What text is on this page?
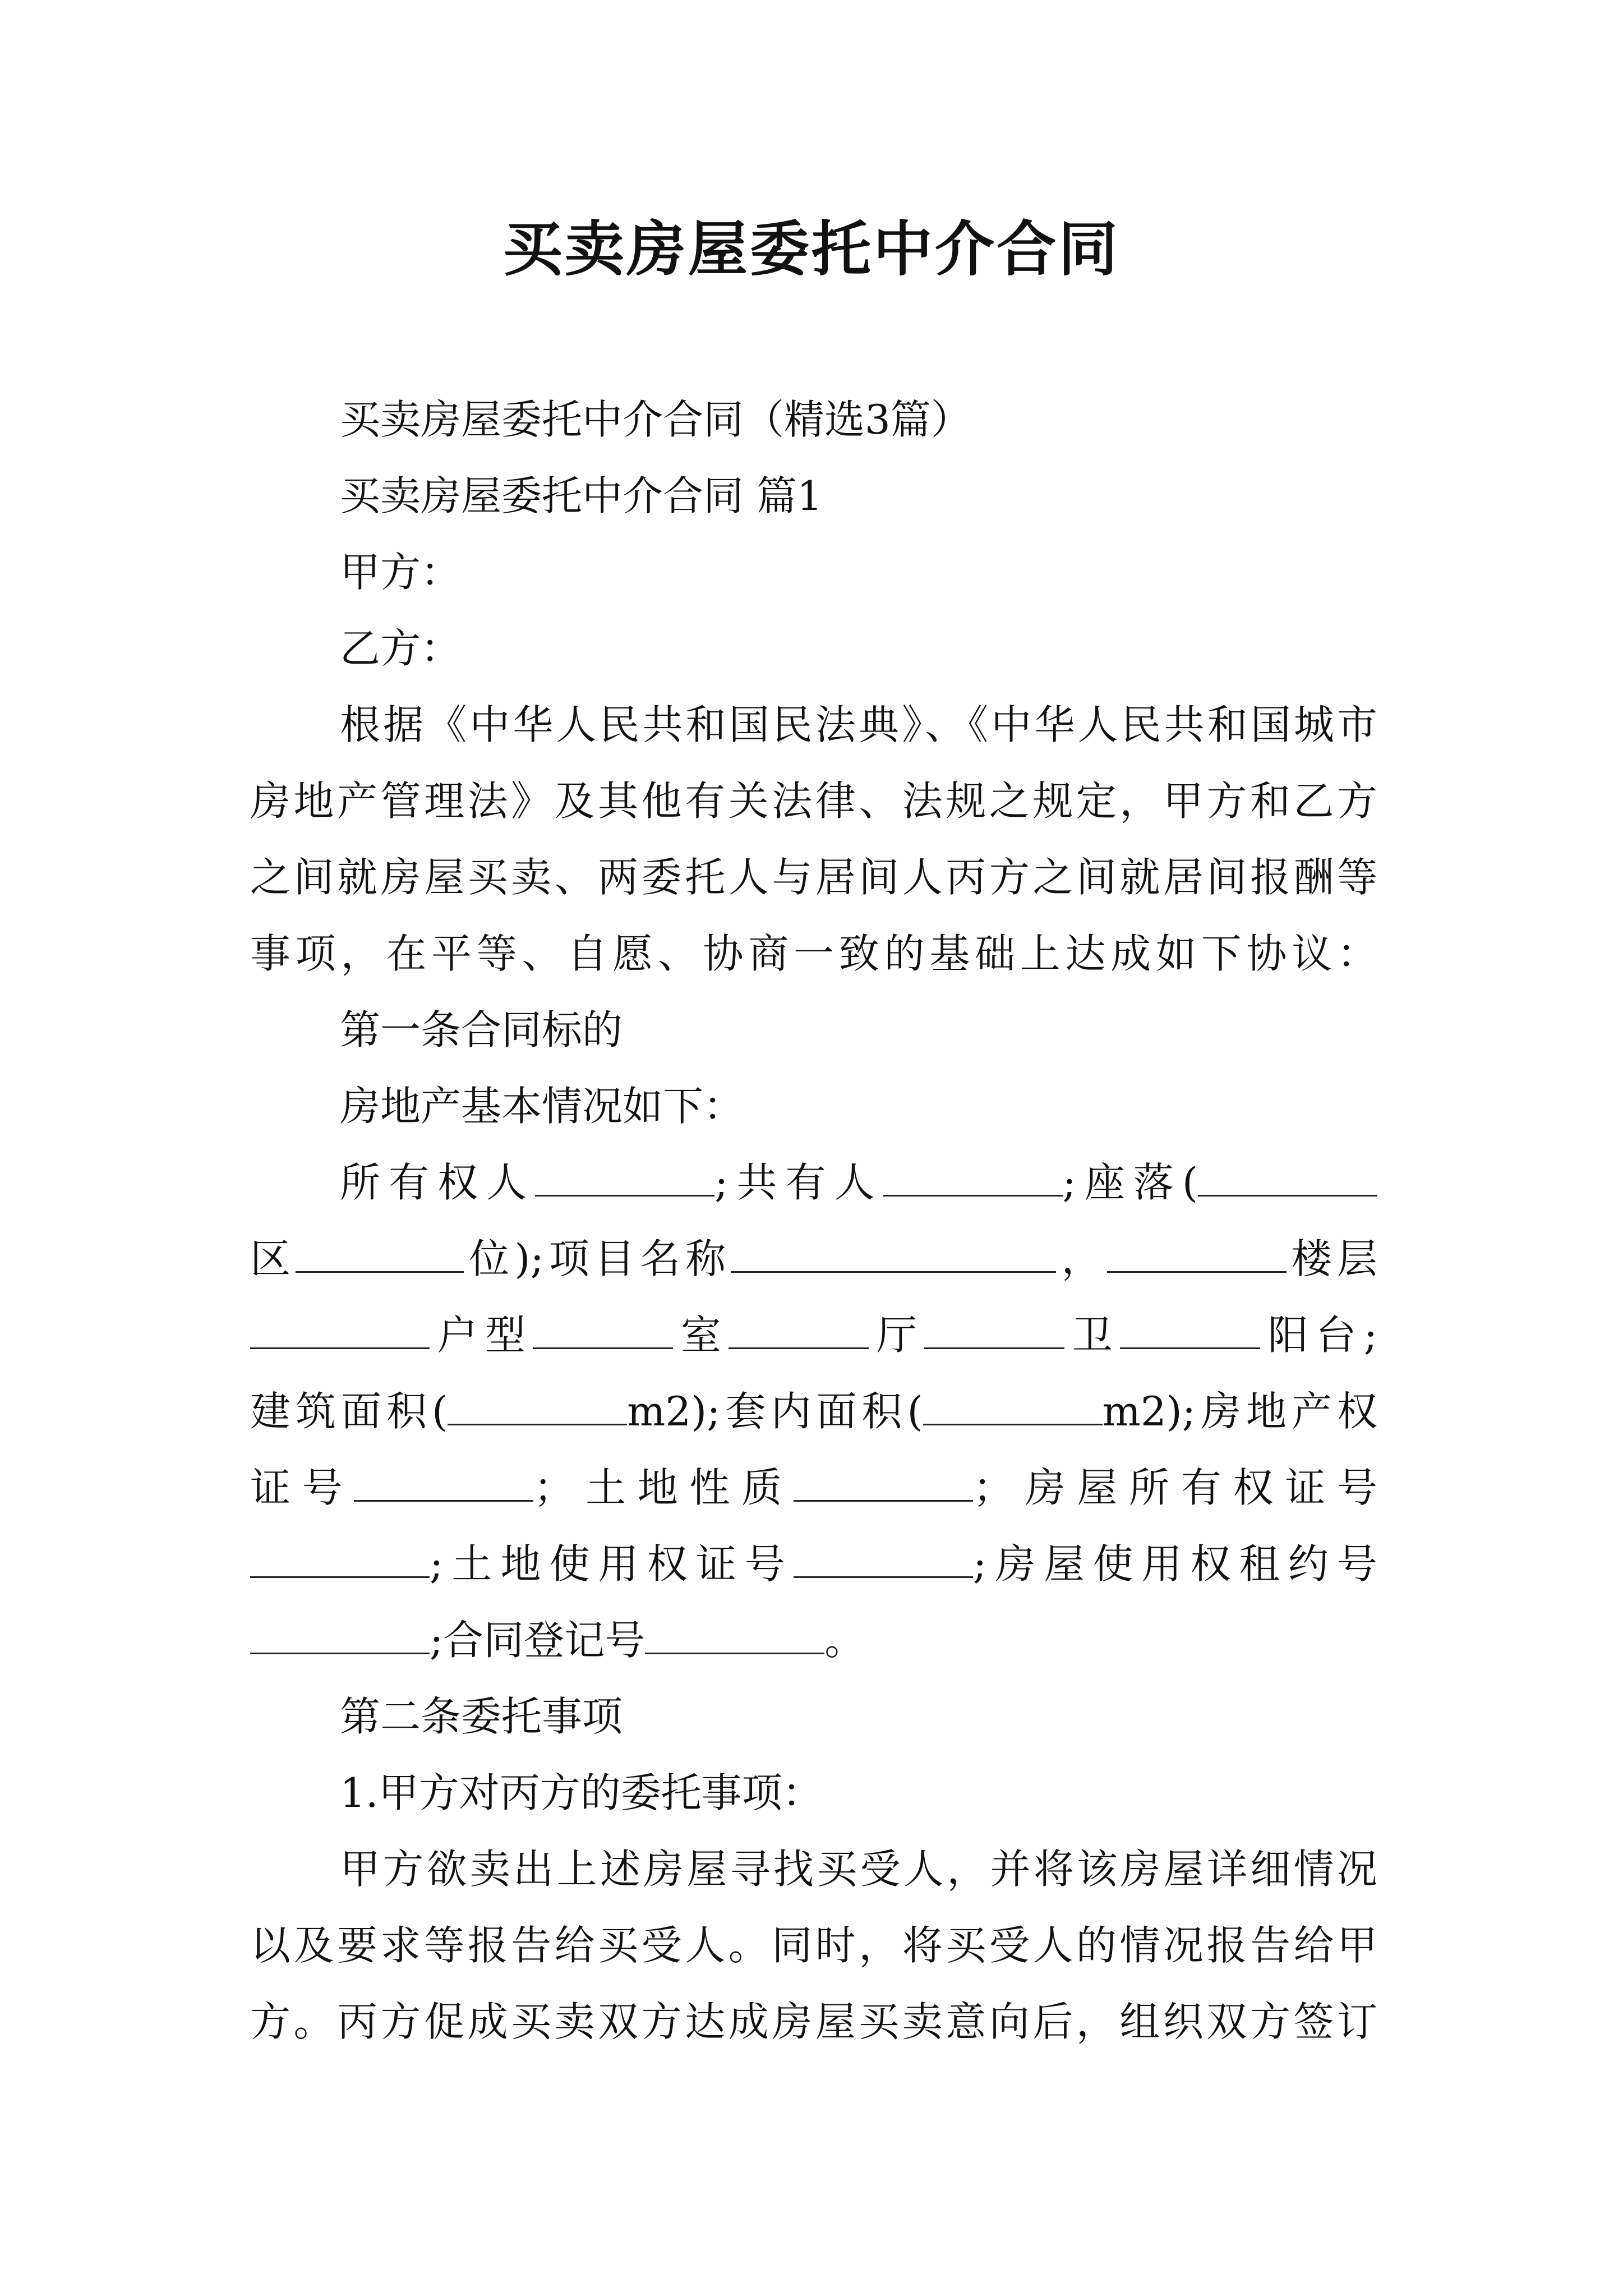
买卖房屋委托中介合同

买卖房屋委托中介合同（精选3篇）

买卖房屋委托中介合同 篇1

甲方：

乙方：

根据《中华人民共和国民法典》、《中华人民共和国城市

房地产管理法》及其他有关法律、法规之规定，甲方和乙方

之间就房屋买卖、两委托人与居间人丙方之间就居间报酬等

事项，在平等、自愿、协商一致的基础上达成如下协议：

第一条合同标的

房地产基本情况如下：

所有权人	;共有人	;座落(

区	位);项目名称	，	楼层

户型	室	厅	卫	阳台;

建筑面积(	m2);套内面积(	m2);房地产权

证号	；土地性质	；房屋所有权证号

;土地使用权证号	;房屋使用权租约号

;合同登记号	。

第二条委托事项

1.甲方对丙方的委托事项：

甲方欲卖出上述房屋寻找买受人，并将该房屋详细情况

以及要求等报告给买受人。同时，将买受人的情况报告给甲

方。丙方促成买卖双方达成房屋买卖意向后，组织双方签订
